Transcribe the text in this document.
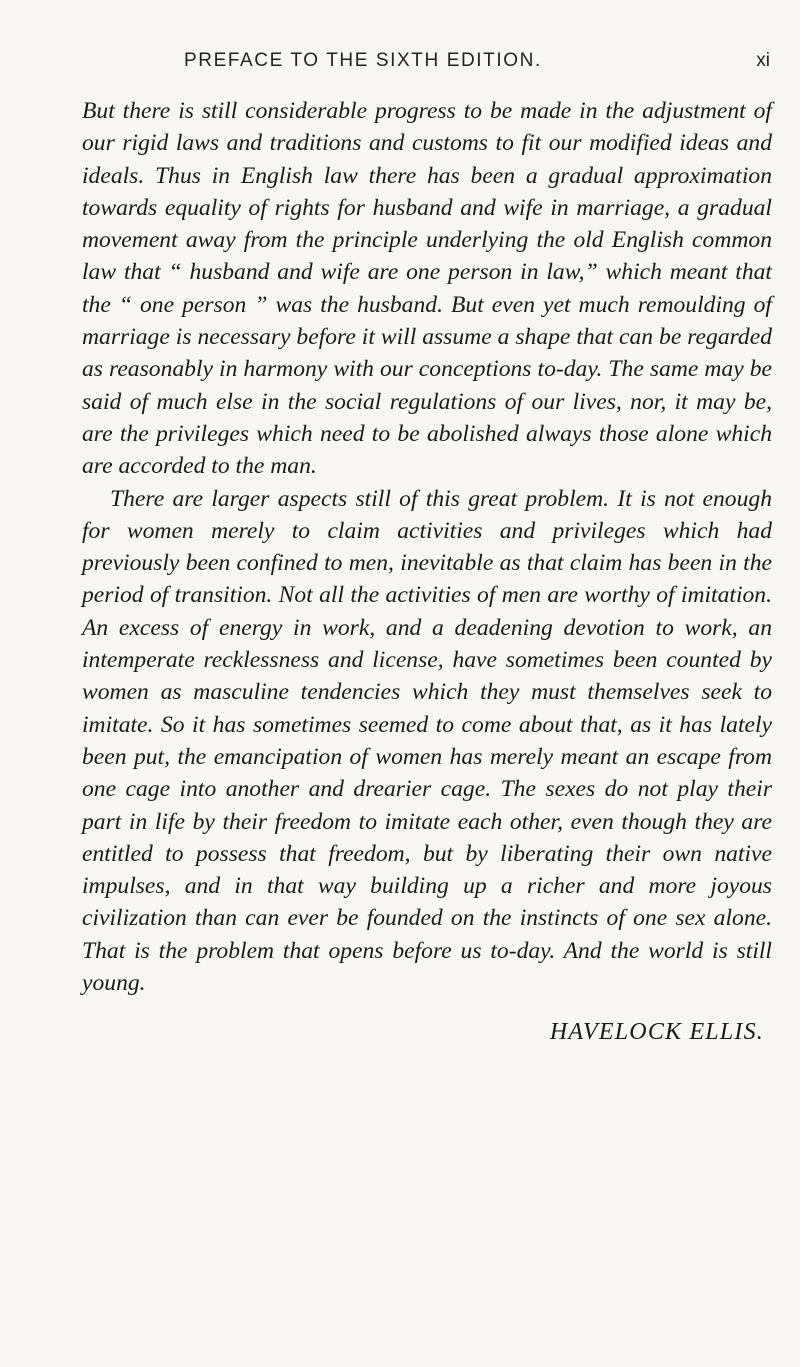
PREFACE TO THE SIXTH EDITION.	xi

But there is still considerable progress to be made in the adjustment of our rigid laws and traditions and customs to fit our modified ideas and ideals. Thus in English law there has been a gradual approximation towards equality of rights for husband and wife in marriage, a gradual movement away from the principle underlying the old English common law that “ husband and wife are one person in law,” which meant that the “ one person ” was the husband. But even yet much remoulding of marriage is necessary before it will assume a shape that can be regarded as reasonably in harmony with our conceptions to-day. The same may be said of much else in the social regulations of our lives, nor, it may be, are the privileges which need to be abolished always those alone which are accorded to the man.

There are larger aspects still of this great problem. It is not enough for women merely to claim activities and privileges which had previously been confined to men, inevitable as that claim has been in the period of transition. Not all the activities of men are worthy of imitation. An excess of energy in work, and a deadening devotion to work, an intemperate recklessness and license, have sometimes been counted by women as masculine tendencies which they must themselves seek to imitate. So it has sometimes seemed to come about that, as it has lately been put, the emancipation of women has merely meant an escape from one cage into another and drearier cage. The sexes do not play their part in life by their freedom to imitate each other, even though they are entitled to possess that freedom, but by liberating their own native impulses, and in that way building up a richer and more joyous civilization than can ever be founded on the instincts of one sex alone. That is the problem that opens before us to-day. And the world is still young.

HAVELOCK ELLIS.
